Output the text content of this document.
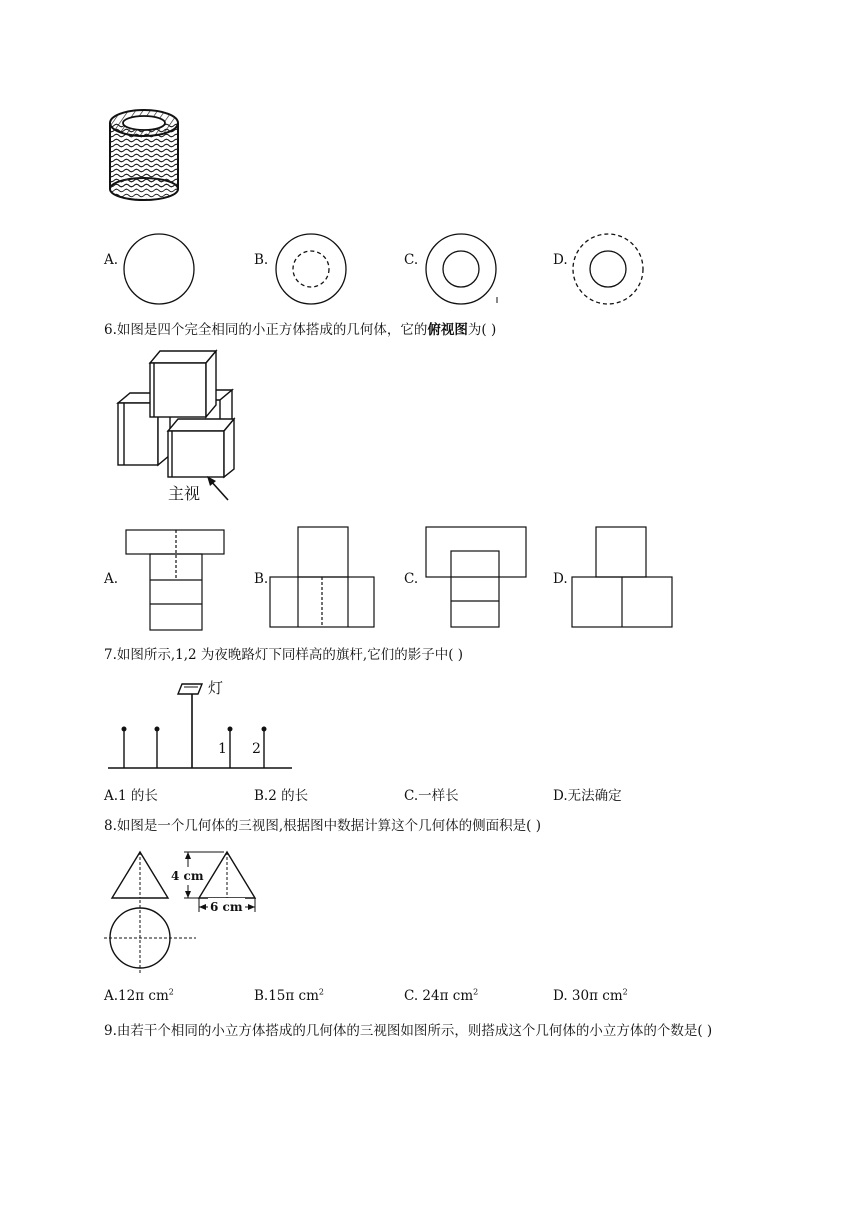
A.	B.	C.	D.
6.如图是四个完全相同的小正方体搭成的几何体，它的俯视图为( )
主视
A.	B.	C.	D.
7.如图所示,1,2 为夜晚路灯下同样高的旗杆,它们的影子中( )
灯
1 2
A.1 的长	B.2 的长	C.一样长	D.无法确定
8.如图是一个几何体的三视图,根据图中数据计算这个几何体的侧面积是( )
4 cm
6 cm
A.12π $cm^2$	B.15π $cm^2$	C. 24π $cm^2$	D. 30π $cm^2$
9.由若干个相同的小立方体搭成的几何体的三视图如图所示，则搭成这个几何体的小立方体的个数是( )
